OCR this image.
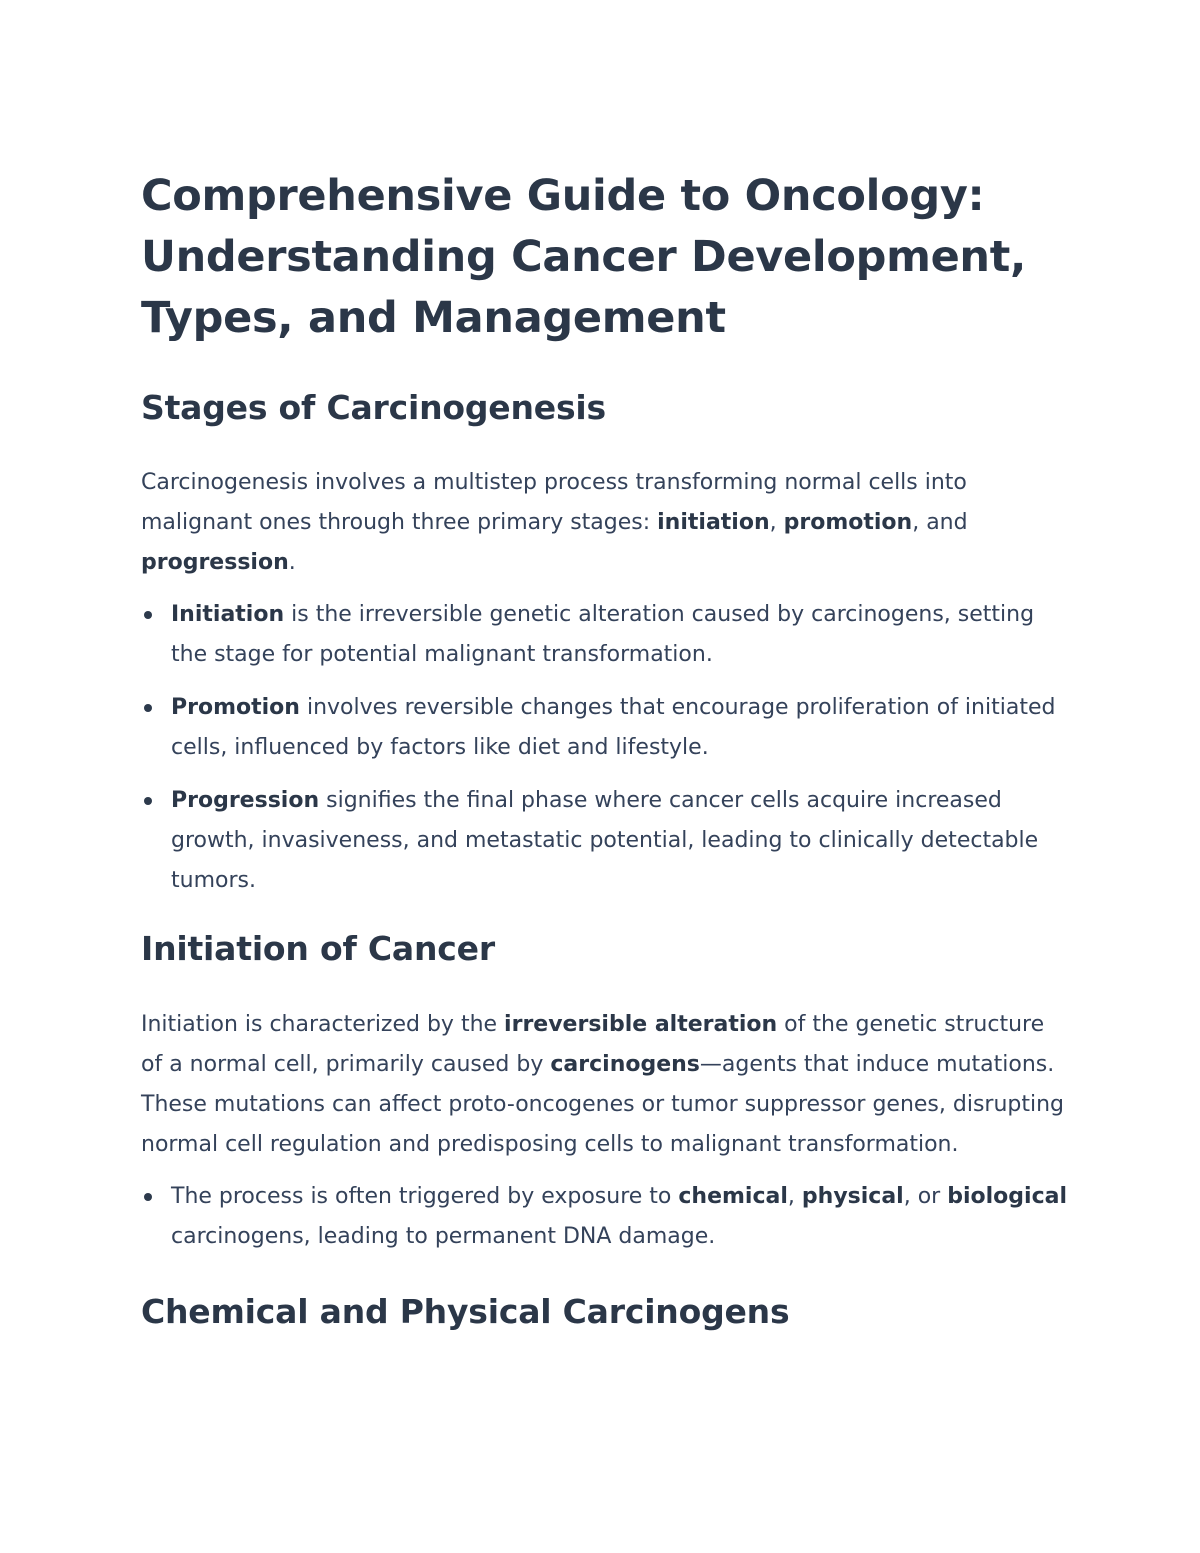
Comprehensive Guide to Oncology: Understanding Cancer Development, Types, and Management
Stages of Carcinogenesis

Carcinogenesis involves a multistep process transforming normal cells into malignant ones through three primary stages: initiation, promotion, and progression.

Initiation is the irreversible genetic alteration caused by carcinogens, setting the stage for potential malignant transformation.
Promotion involves reversible changes that encourage proliferation of initiated cells, influenced by factors like diet and lifestyle.
Progression signifies the final phase where cancer cells acquire increased growth, invasiveness, and metastatic potential, leading to clinically detectable tumors.
Initiation of Cancer

Initiation is characterized by the irreversible alteration of the genetic structure of a normal cell, primarily caused by carcinogens—agents that induce mutations. These mutations can affect proto-oncogenes or tumor suppressor genes, disrupting normal cell regulation and predisposing cells to malignant transformation.

The process is often triggered by exposure to chemical, physical, or biological carcinogens, leading to permanent DNA damage.
Chemical and Physical Carcinogens
